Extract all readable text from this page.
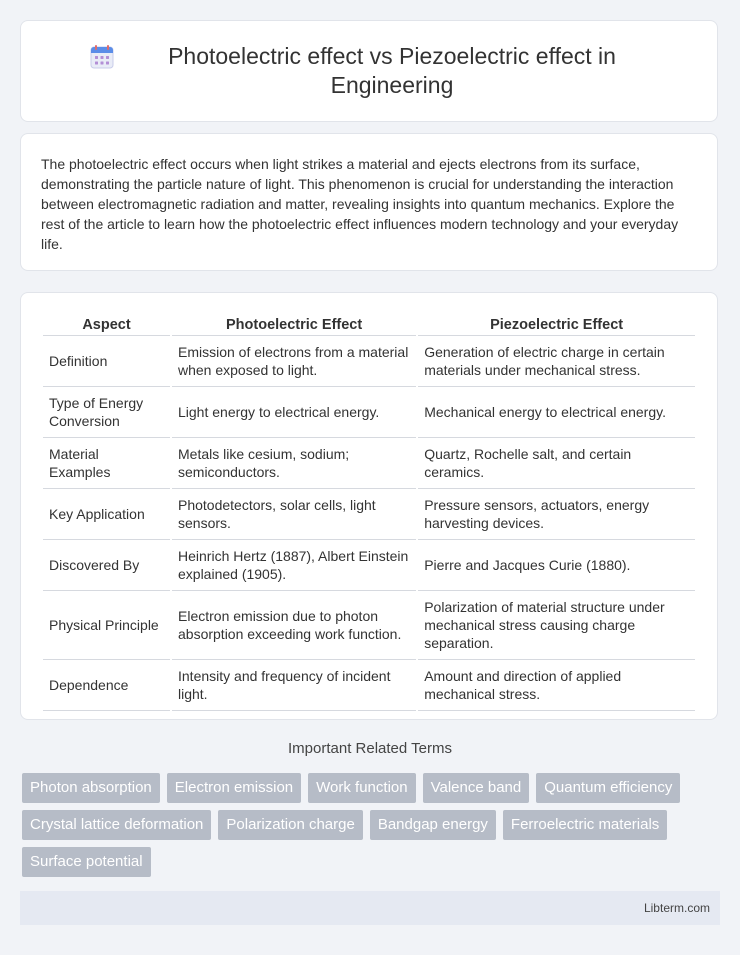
Photoelectric effect vs Piezoelectric effect in Engineering

The photoelectric effect occurs when light strikes a material and ejects electrons from its surface, demonstrating the particle nature of light. This phenomenon is crucial for understanding the interaction between electromagnetic radiation and matter, revealing insights into quantum mechanics. Explore the rest of the article to learn how the photoelectric effect influences modern technology and your everyday life.

Aspect	Photoelectric Effect	Piezoelectric Effect
Definition	Emission of electrons from a material when exposed to light.	Generation of electric charge in certain materials under mechanical stress.
Type of Energy Conversion	Light energy to electrical energy.	Mechanical energy to electrical energy.
Material Examples	Metals like cesium, sodium; semiconductors.	Quartz, Rochelle salt, and certain ceramics.
Key Application	Photodetectors, solar cells, light sensors.	Pressure sensors, actuators, energy harvesting devices.
Discovered By	Heinrich Hertz (1887), Albert Einstein explained (1905).	Pierre and Jacques Curie (1880).
Physical Principle	Electron emission due to photon absorption exceeding work function.	Polarization of material structure under mechanical stress causing charge separation.
Dependence	Intensity and frequency of incident light.	Amount and direction of applied mechanical stress.
Important Related Terms
Photon absorption	Electron emission	Work function	Valence band	Quantum efficiency
Crystal lattice deformation	Polarization charge	Bandgap energy	Ferroelectric materials
Surface potential
Libterm.com
